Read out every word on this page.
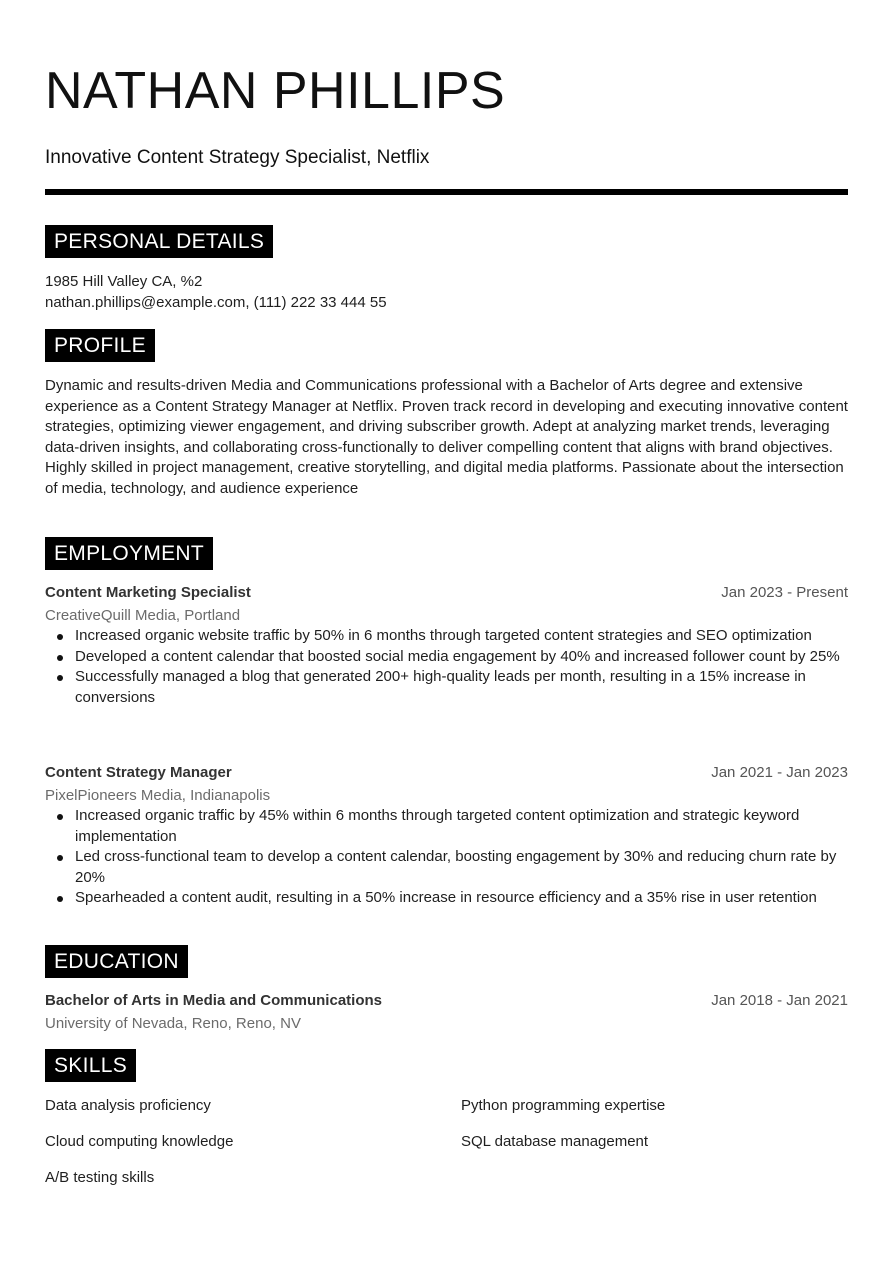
NATHAN PHILLIPS
Innovative Content Strategy Specialist, Netflix
PERSONAL DETAILS
1985 Hill Valley CA, %2
nathan.phillips@example.com, (111) 222 33 444 55
PROFILE
Dynamic and results-driven Media and Communications professional with a Bachelor of Arts degree and extensive experience as a Content Strategy Manager at Netflix. Proven track record in developing and executing innovative content strategies, optimizing viewer engagement, and driving subscriber growth. Adept at analyzing market trends, leveraging data-driven insights, and collaborating cross-functionally to deliver compelling content that aligns with brand objectives. Highly skilled in project management, creative storytelling, and digital media platforms. Passionate about the intersection of media, technology, and audience experience
EMPLOYMENT
Content Marketing Specialist	Jan 2023 - Present
CreativeQuill Media, Portland
Increased organic website traffic by 50% in 6 months through targeted content strategies and SEO optimization
Developed a content calendar that boosted social media engagement by 40% and increased follower count by 25%
Successfully managed a blog that generated 200+ high-quality leads per month, resulting in a 15% increase in conversions
Content Strategy Manager	Jan 2021 - Jan 2023
PixelPioneers Media, Indianapolis
Increased organic traffic by 45% within 6 months through targeted content optimization and strategic keyword implementation
Led cross-functional team to develop a content calendar, boosting engagement by 30% and reducing churn rate by 20%
Spearheaded a content audit, resulting in a 50% increase in resource efficiency and a 35% rise in user retention
EDUCATION
Bachelor of Arts in Media and Communications	Jan 2018 - Jan 2021
University of Nevada, Reno, Reno, NV
SKILLS
Data analysis proficiency	Python programming expertise
Cloud computing knowledge	SQL database management
A/B testing skills
